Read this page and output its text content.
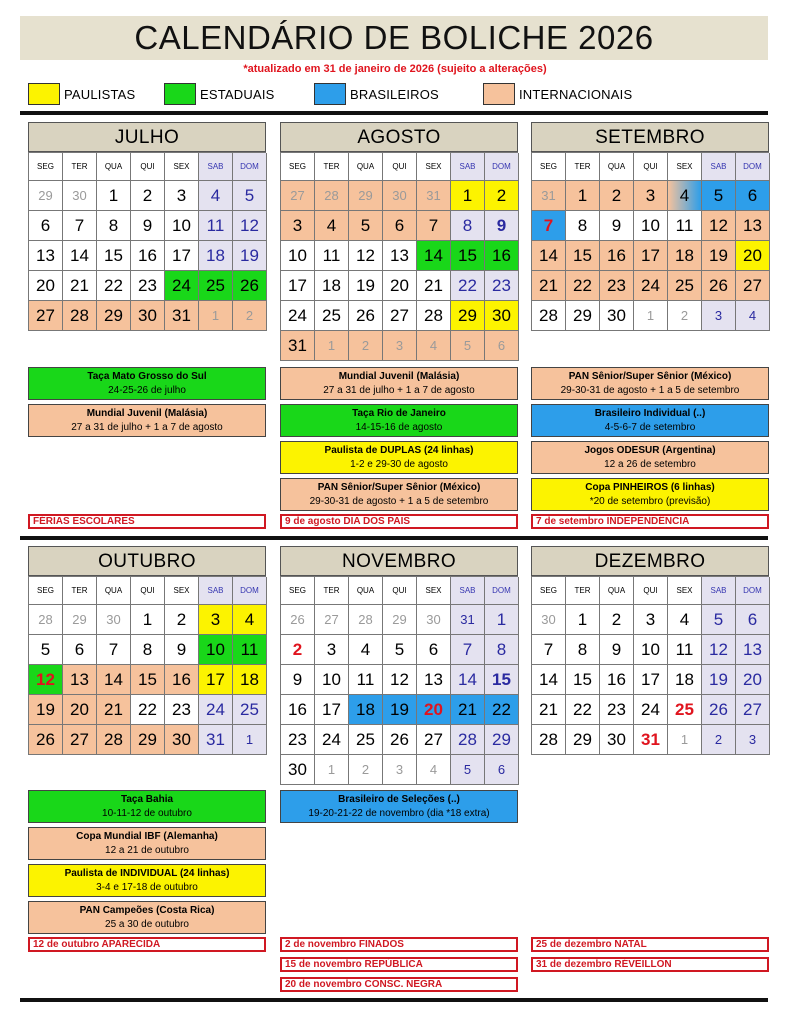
CALENDÁRIO DE BOLICHE 2026
*atualizado em 31 de janeiro de 2026 (sujeito a alterações)
PAULISTAS	ESTADUAIS	BRASILEIROS	INTERNACIONAIS
JULHO
SEG	TER	QUA	QUI	SEX	SAB	DOM
29	30	1	2	3	4	5
6	7	8	9	10 11 12
13 14 15 16 17 18 19
20 21 22 23 24 25 26
27 28 29 30 31	1	2
AGOSTO
SEG	TER	QUA	QUI	SEX	SAB	DOM
27	28	29	30	31	1	2
3	4	5	6	7	8	9
10 11 12 13 14 15 16
17 18 19 20 21 22 23
24 25 26 27 28 29 30
31	1	2	3	4	5	6
SETEMBRO
SEG	TER	QUA	QUI	SEX	SAB	DOM
31	1	2	3	4	5	6
7	8	9	10 11 12 13
14 15 16 17 18 19 20
21 22 23 24 25 26 27
28 29 30	1	2	3	4
OUTUBRO
SEG	TER	QUA	QUI	SEX	SAB	DOM
28	29	30	1	2	3	4
5	6	7	8	9	10 11
12 13 14 15 16 17 18
19 20 21 22 23 24 25
26 27 28 29 30 31	1
NOVEMBRO
SEG	TER	QUA	QUI	SEX	SAB	DOM
26	27	28	29	30	31	1
2	3	4	5	6	7	8
9	10 11 12 13 14 15
16 17 18 19 20 21 22
23 24 25 26 27 28 29
30	1	2	3	4	5	6
DEZEMBRO
SEG	TER	QUA	QUI	SEX	SAB	DOM
30	1	2	3	4	5	6
7	8	9	10 11 12 13
14 15 16 17 18 19 20
21 22 23 24 25 26 27
28 29 30 31	1	2	3
Taça Mato Grosso do Sul
24-25-26 de julho
Mundial Juvenil (Malásia)
27 a 31 de julho + 1 a 7 de agosto
Mundial Juvenil (Malásia)
27 a 31 de julho + 1 a 7 de agosto
Taça Rio de Janeiro
14-15-16 de agosto
Paulista de DUPLAS (24 linhas)
1-2 e 29-30 de agosto
PAN Sênior/Super Sênior (México)
29-30-31 de agosto + 1 a 5 de setembro
PAN Sênior/Super Sênior (México)
29-30-31 de agosto + 1 a 5 de setembro
Brasileiro Individual (..)
4-5-6-7 de setembro
Jogos ODESUR (Argentina)
12 a 26 de setembro
Copa PINHEIROS (6 linhas)
*20 de setembro (previsão)
Taça Bahia
10-11-12 de outubro
Copa Mundial IBF (Alemanha)
12 a 21 de outubro
Paulista de INDIVIDUAL (24 linhas)
3-4 e 17-18 de outubro
PAN Campeões (Costa Rica)
25 a 30 de outubro
Brasileiro de Seleções (..)
19-20-21-22 de novembro (dia *18 extra)
FÉRIAS ESCOLARES	9 de agosto DIA DOS PAIS	7 de setembro INDEPENDÊNCIA
12 de outubro APARECIDA	2 de novembro FINADOS
15 de novembro REPÚBLICA
20 de novembro CONSC. NEGRA
25 de dezembro NATAL
31 de dezembro RÉVEILLON
